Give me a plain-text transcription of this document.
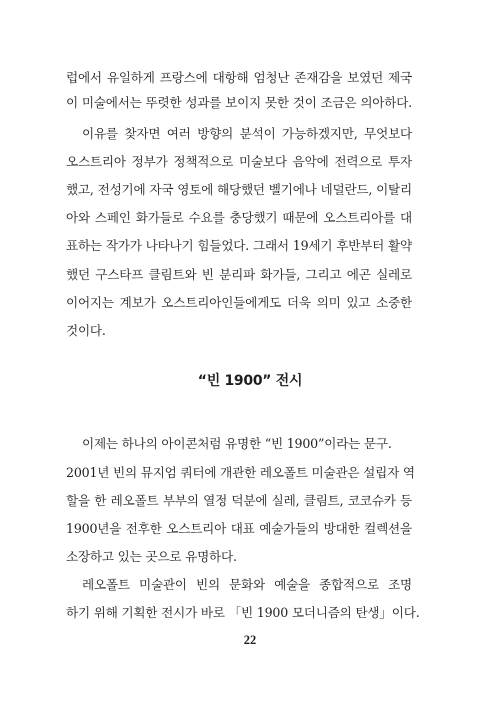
럽에서 유일하게 프랑스에 대항해 엄청난 존재감을 보였던 제국
이 미술에서는 뚜렷한 성과를 보이지 못한 것이 조금은 의아하다.
이유를 찾자면 여러 방향의 분석이 가능하겠지만, 무엇보다
오스트리아 정부가 정책적으로 미술보다 음악에 전력으로 투자
했고, 전성기에 자국 영토에 해당했던 벨기에나 네덜란드, 이탈리
아와 스페인 화가들로 수요를 충당했기 때문에 오스트리아를 대
표하는 작가가 나타나기 힘들었다. 그래서 19세기 후반부터 활약
했던 구스타프 클림트와 빈 분리파 화가들, 그리고 에곤 실레로
이어지는 계보가 오스트리아인들에게도 더욱 의미 있고 소중한
것이다.
“빈 1900” 전시
이제는 하나의 아이콘처럼 유명한 “빈 1900”이라는 문구.
2001년 빈의 뮤지엄 쿼터에 개관한 레오폴트 미술관은 설립자 역
할을 한 레오폴트 부부의 열정 덕분에 실레, 클림트, 코코슈카 등
1900년을 전후한 오스트리아 대표 예술가들의 방대한 컬렉션을
소장하고 있는 곳으로 유명하다.
레오폴트 미술관이 빈의 문화와 예술을 종합적으로 조명
하기 위해 기획한 전시가 바로 「빈 1900 모더니즘의 탄생」이다.
22
